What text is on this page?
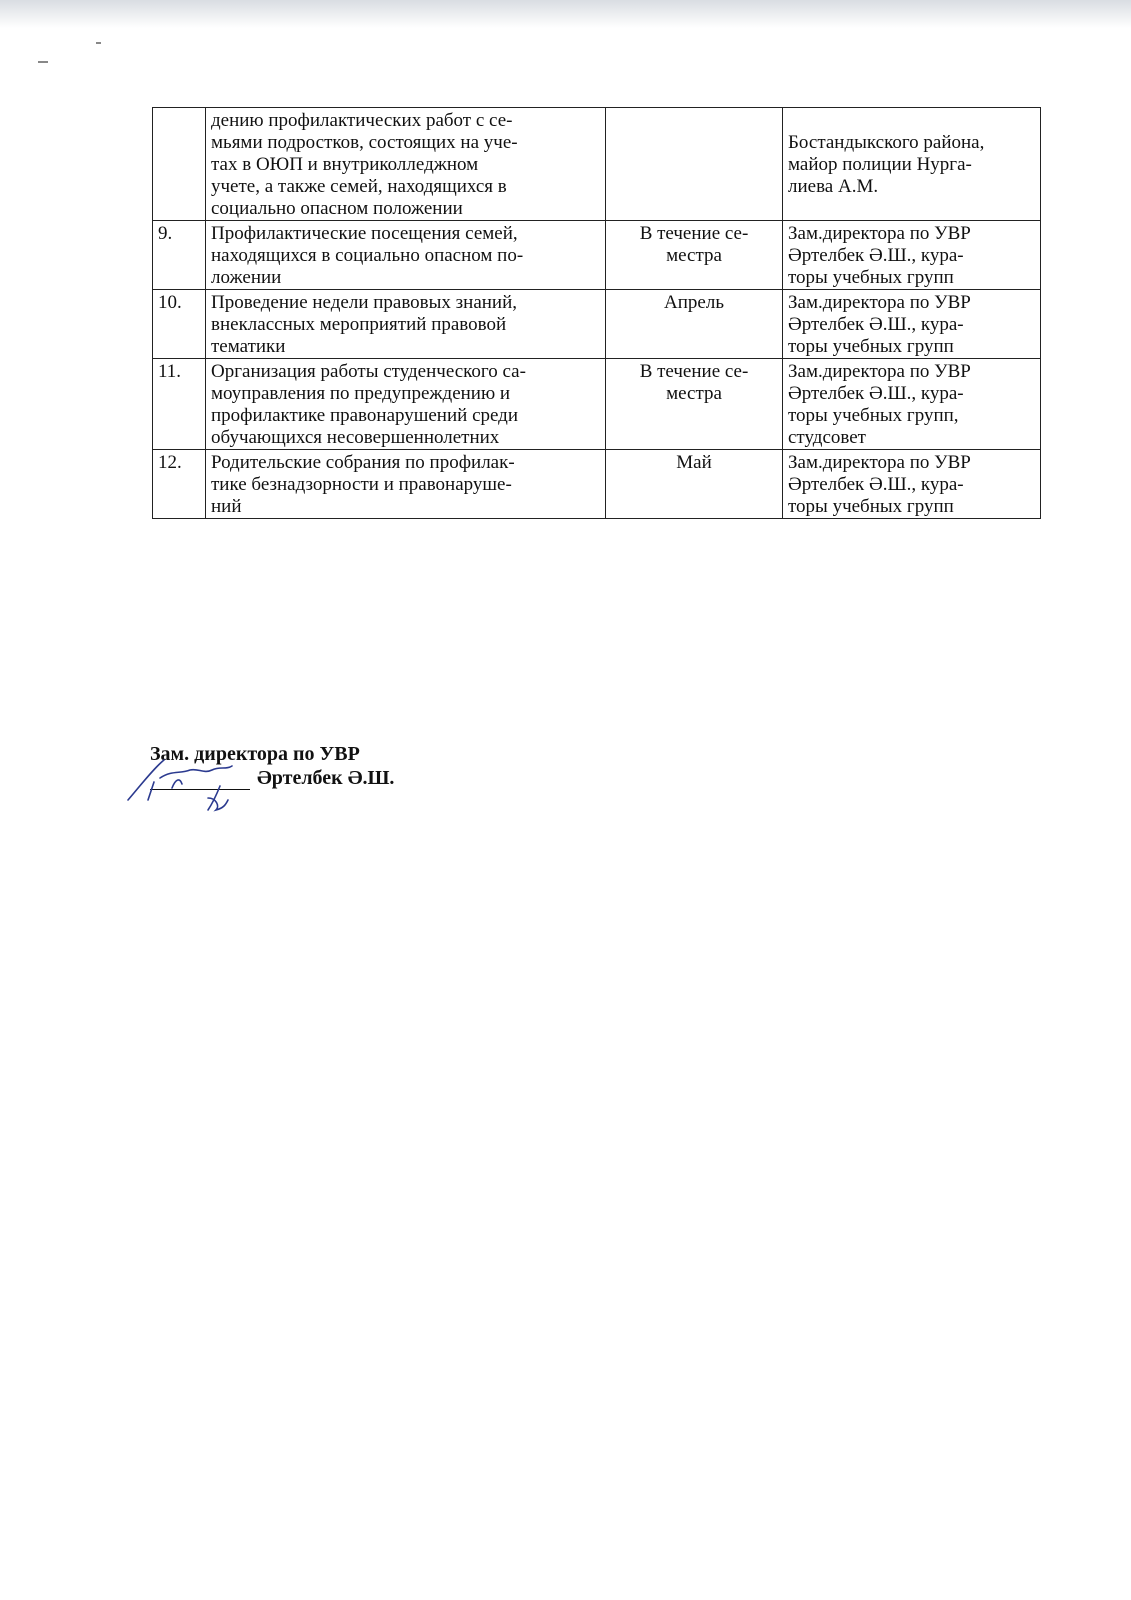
	дению профилактических работ с се-
мьями подростков, состоящих на уче-
тах в ОЮП и внутриколледжном
учете, а также семей, находящихся в
социально опасном положении		Бостандыкского района,
майор полиции Нурга-
лиева А.М.

9.	Профилактические посещения семей,
находящихся в социально опасном по-
ложении	В течение се-
местра	Зам.директора по УВР
Әртелбек Ә.Ш., кура-
торы учебных групп

10.	Проведение недели правовых знаний,
внеклассных мероприятий правовой
тематики	Апрель	Зам.директора по УВР
Әртелбек Ә.Ш., кура-
торы учебных групп

11.	Организация работы студенческого са-
моуправления по предупреждению и
профилактике правонарушений среди
обучающихся несовершеннолетних	В течение се-
местра	Зам.директора по УВР
Әртелбек Ә.Ш., кура-
торы учебных групп,
студсовет

12.	Родительские собрания по профилак-
тике безнадзорности и правонаруше-
ний	Май	Зам.директора по УВР
Әртелбек Ә.Ш., кура-
торы учебных групп
Зам. директора по УВР
Әртелбек Ә.Ш.
